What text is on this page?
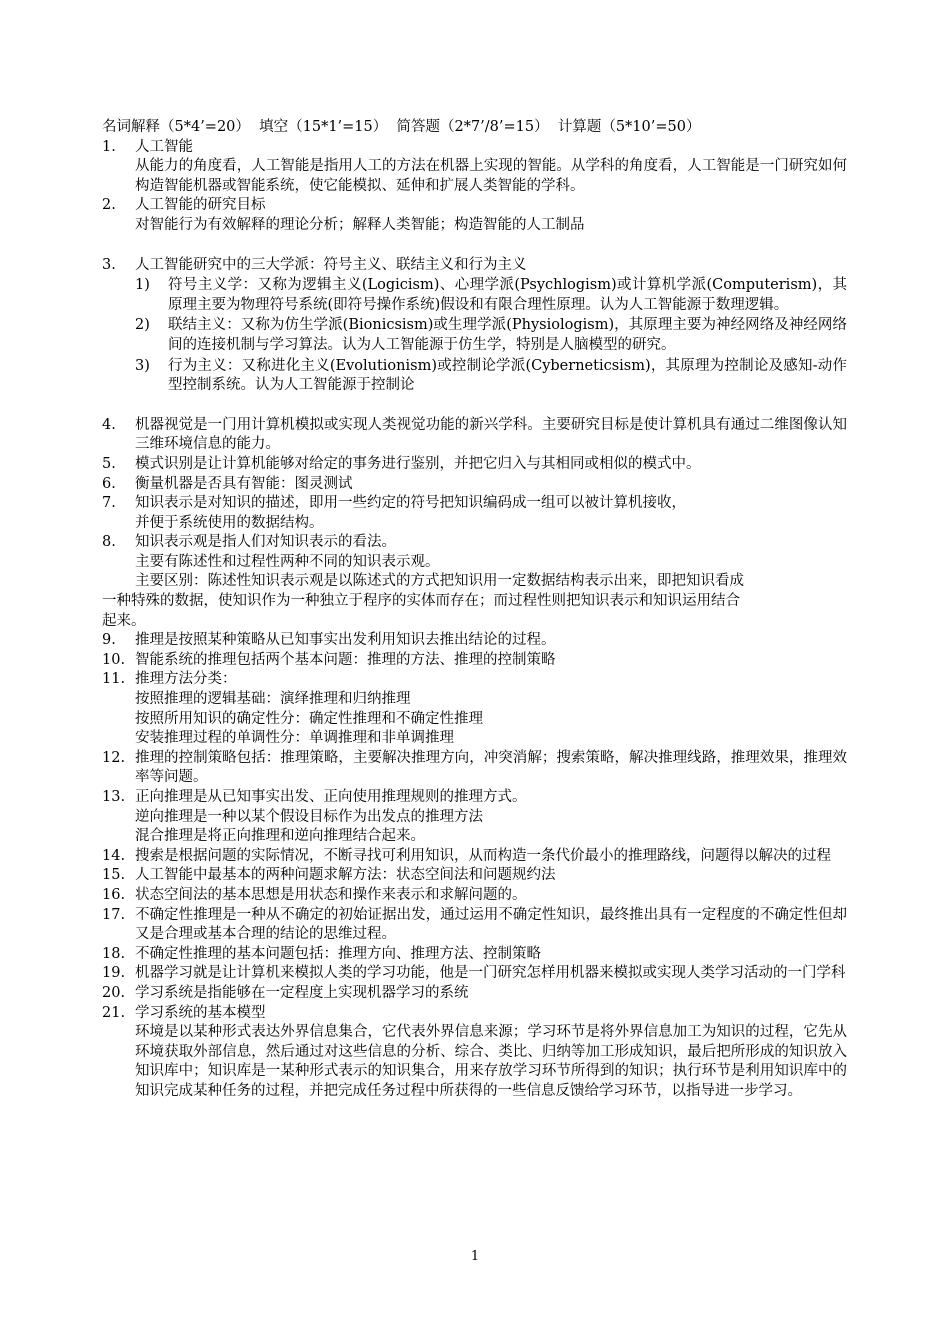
名词解释（5*4’=20）  填空（15*1’=15）  简答题（2*7’/8’=15）  计算题（5*10’=50）
1. 人工智能
从能力的角度看，人工智能是指用人工的方法在机器上实现的智能。从学科的角度看，人工智能是一门研究如何构造智能机器或智能系统，使它能模拟、延伸和扩展人类智能的学科。
2. 人工智能的研究目标
对智能行为有效解释的理论分析；解释人类智能；构造智能的人工制品
3. 人工智能研究中的三大学派：符号主义、联结主义和行为主义
1) 符号主义学：又称为逻辑主义(Logicism)、心理学派(Psychlogism)或计算机学派(Computerism)，其原理主要为物理符号系统(即符号操作系统)假设和有限合理性原理。认为人工智能源于数理逻辑。
2) 联结主义：又称为仿生学派(Bionicsism)或生理学派(Physiologism)，其原理主要为神经网络及神经网络间的连接机制与学习算法。认为人工智能源于仿生学，特别是人脑模型的研究。
3) 行为主义：又称进化主义(Evolutionism)或控制论学派(Cyberneticsism)，其原理为控制论及感知-动作型控制系统。认为人工智能源于控制论
4. 机器视觉是一门用计算机模拟或实现人类视觉功能的新兴学科。主要研究目标是使计算机具有通过二维图像认知三维环境信息的能力。
5. 模式识别是让计算机能够对给定的事务进行鉴别，并把它归入与其相同或相似的模式中。
6. 衡量机器是否具有智能：图灵测试
7. 知识表示是对知识的描述，即用一些约定的符号把知识编码成一组可以被计算机接收，
并便于系统使用的数据结构。
8. 知识表示观是指人们对知识表示的看法。
主要有陈述性和过程性两种不同的知识表示观。
主要区别：陈述性知识表示观是以陈述式的方式把知识用一定数据结构表示出来，即把知识看成
一种特殊的数据，使知识作为一种独立于程序的实体而存在；而过程性则把知识表示和知识运用结合
起来。
9. 推理是按照某种策略从已知事实出发利用知识去推出结论的过程。
10. 智能系统的推理包括两个基本问题：推理的方法、推理的控制策略
11. 推理方法分类：
按照推理的逻辑基础：演绎推理和归纳推理
按照所用知识的确定性分：确定性推理和不确定性推理
安装推理过程的单调性分：单调推理和非单调推理
12. 推理的控制策略包括：推理策略，主要解决推理方向，冲突消解；搜索策略，解决推理线路，推理效果，推理效率等问题。
13. 正向推理是从已知事实出发、正向使用推理规则的推理方式。
逆向推理是一种以某个假设目标作为出发点的推理方法
混合推理是将正向推理和逆向推理结合起来。
14. 搜索是根据问题的实际情况，不断寻找可利用知识，从而构造一条代价最小的推理路线，问题得以解决的过程
15. 人工智能中最基本的两种问题求解方法：状态空间法和问题规约法
16. 状态空间法的基本思想是用状态和操作来表示和求解问题的。
17. 不确定性推理是一种从不确定的初始证据出发，通过运用不确定性知识，最终推出具有一定程度的不确定性但却又是合理或基本合理的结论的思维过程。
18. 不确定性推理的基本问题包括：推理方向、推理方法、控制策略
19. 机器学习就是让计算机来模拟人类的学习功能，他是一门研究怎样用机器来模拟或实现人类学习活动的一门学科
20. 学习系统是指能够在一定程度上实现机器学习的系统
21. 学习系统的基本模型
环境是以某种形式表达外界信息集合，它代表外界信息来源；学习环节是将外界信息加工为知识的过程，它先从环境获取外部信息，然后通过对这些信息的分析、综合、类比、归纳等加工形成知识，最后把所形成的知识放入知识库中；知识库是一某种形式表示的知识集合，用来存放学习环节所得到的知识；执行环节是利用知识库中的知识完成某种任务的过程，并把完成任务过程中所获得的一些信息反馈给学习环节，以指导进一步学习。
1
